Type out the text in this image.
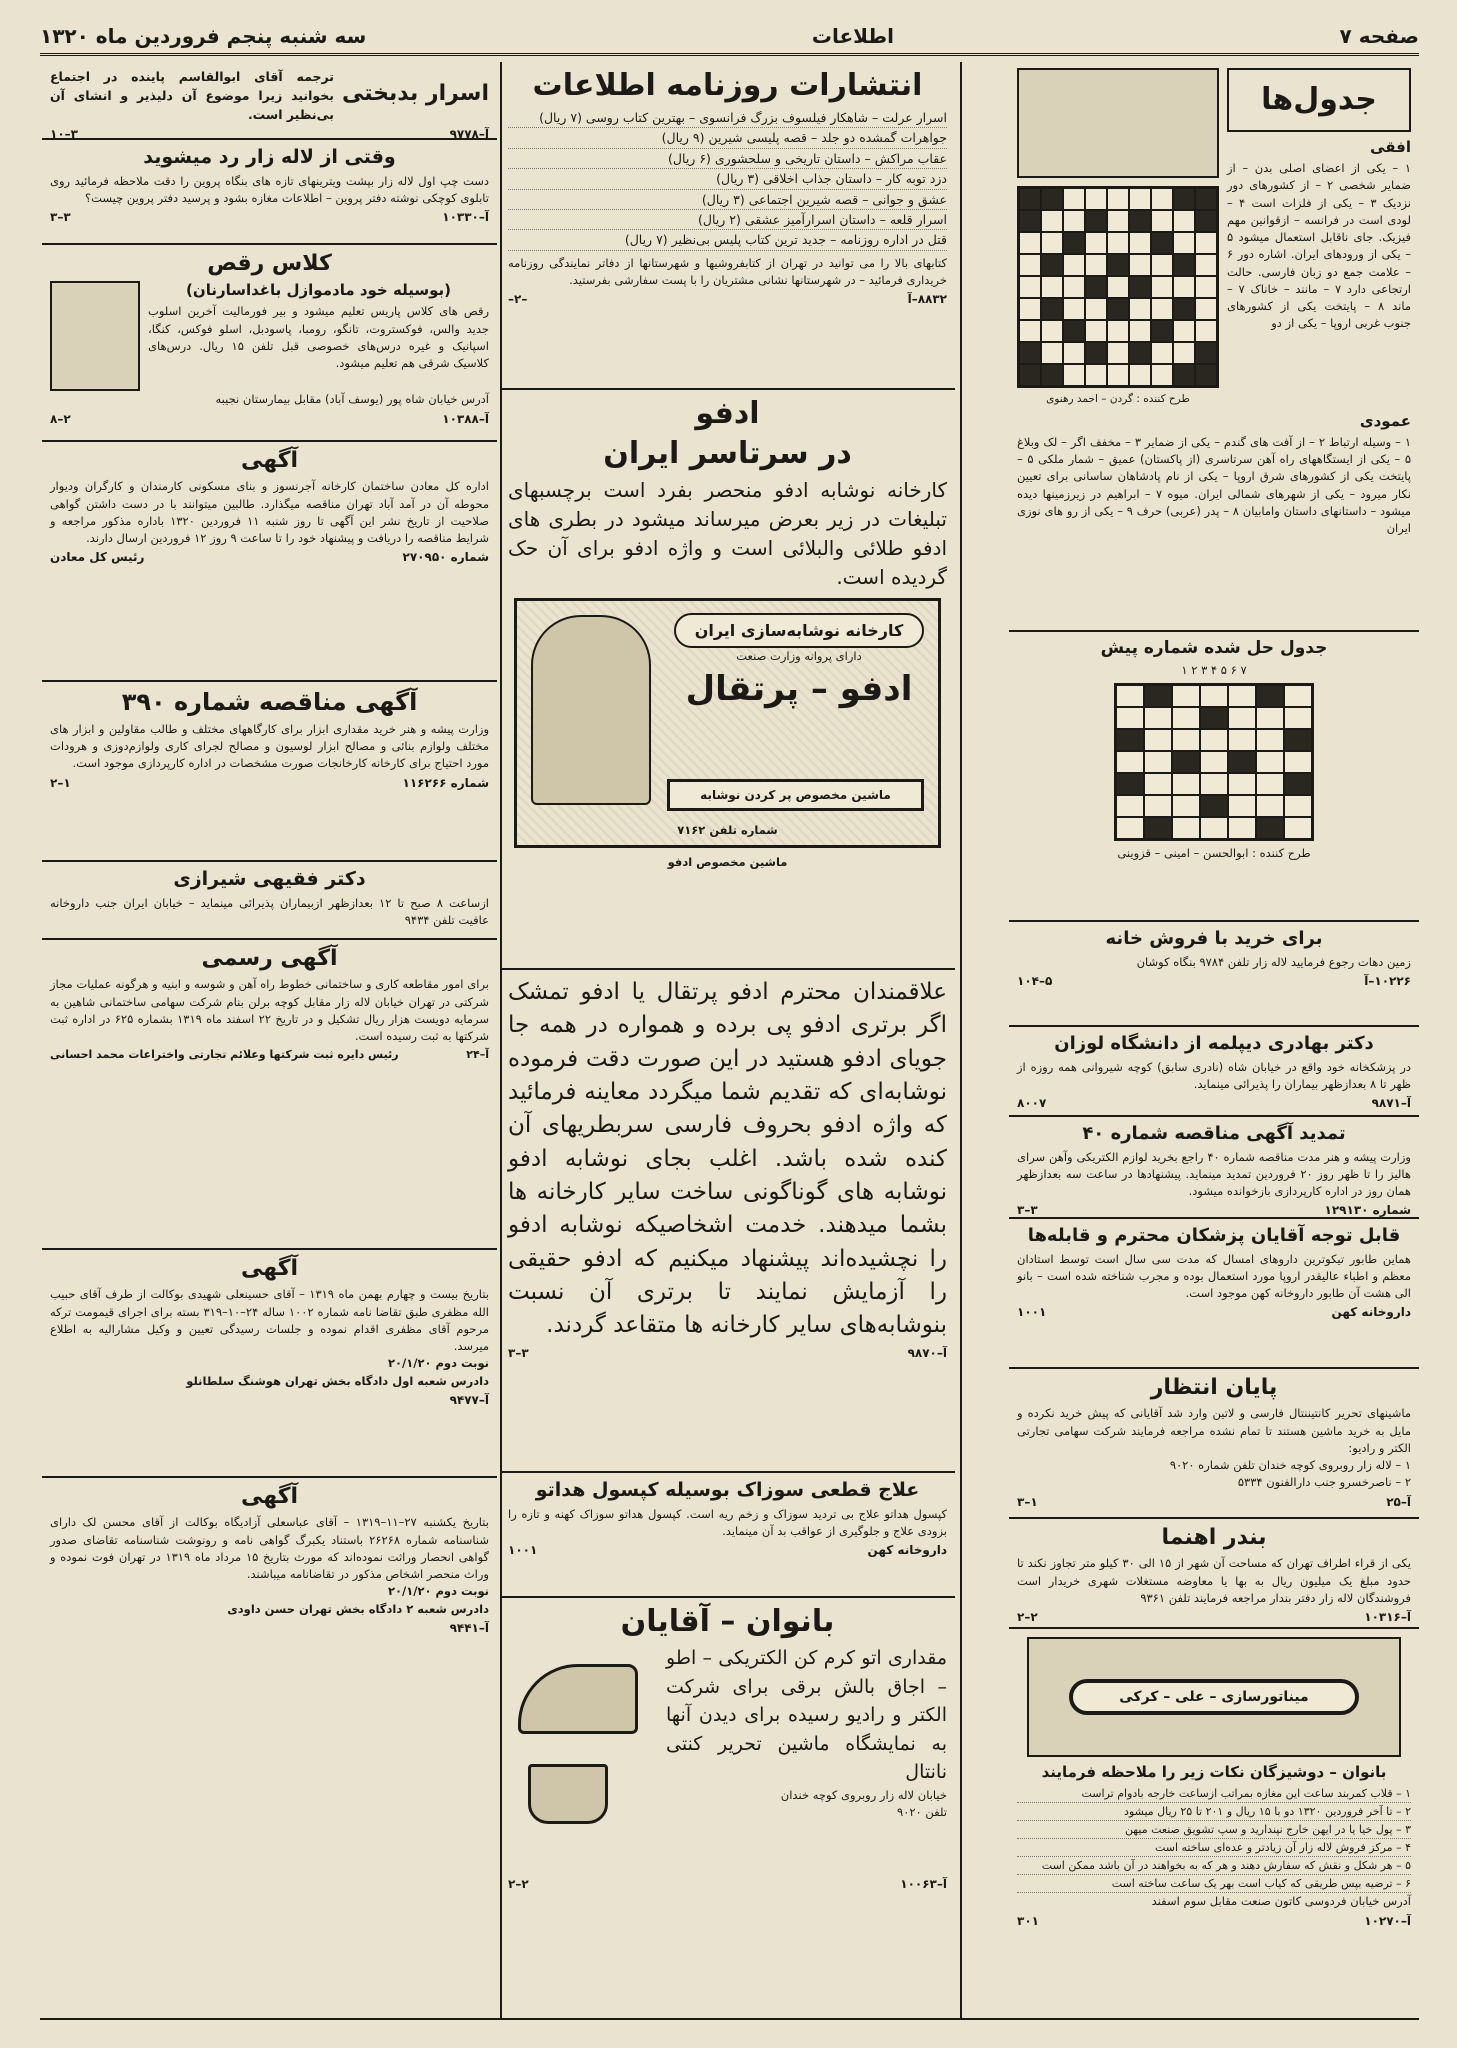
صفحه ۷
اطلاعات
سه شنبه پنجم فروردین ماه ۱۳۲۰
جدول‌ها
افقی
۱ – یکی از اعضای اصلی بدن – از ضمایر شخصی ۲ – از کشورهای دور نزدیک ۳ – یکی از فلزات است ۴ – لودی است در فرانسه – ازقوانین مهم فیزیک. جای ناقابل استعمال میشود ۵ – یکی از ورودهای ایران. اشاره دور ۶ – علامت جمع دو زبان فارسی. حالت ارتجاعی دارد ۷ – مانند – خاناک ۷ – ماند ۸ – پایتخت یکی از کشورهای جنوب غربی اروپا – یکی از دو
طرح کننده : گردن – احمد رهنوی
عمودی
۱ – وسیله ارتباط ۲ – از آفت های گندم – یکی از ضمایر ۳ – مخفف اگر – لک وبلاغ ۵ – یکی از ایستگاههای راه آهن سرتاسری (از پاکستان) عمیق – شمار ملکی ۵ – پایتخت یکی از کشورهای شرق اروپا – یکی از نام پادشاهان ساسانی برای تعیین نکار میرود – یکی از شهرهای شمالی ایران. میوه ۷ – ابراهیم در زیرزمینها دیده میشود – داستانهای داستان وامابیان ۸ – پدر (عربی) حرف ۹ – یکی از رو های نوزی ایران
جدول حل شده شماره پیش
۷ ۶ ۵ ۴ ۳ ۲ ۱
طرح کننده : ابوالحسن – امینی – قزوینی
برای خرید با فروش خانه
زمین دهات رجوع فرمایید لاله زار تلفن ۹۷۸۴ بنگاه کوشان
۱۰۲۲۶–آ
۱۰۴–۵
دکتر بهادری دیپلمه از دانشگاه لوزان
در پزشکخانه خود واقع در خیابان شاه (نادری سابق) کوچه شیروانی همه روزه از ظهر تا ۸ بعدازظهر بیماران را پذیرائی مینماید.
آ–۹۸۷۱
۸۰۰۷
تمدید آگهی مناقصه شماره ۴۰
وزارت پیشه و هنر مدت مناقصه شماره ۴۰ راجع بخرید لوازم الکتریکی وآهن سرای هالیز را تا ظهر روز ۲۰ فروردین تمدید مینماید. پیشنهادها در ساعت سه بعدازظهر همان روز در اداره کارپردازی بازخوانده میشود.
شماره ۱۲۹۱۳۰
۳–۳
قابل توجه آقایان پزشکان محترم و قابله‌ها
هماین طابور تیکوترین داروهای امسال که مدت سی سال است توسط استادان معظم و اطباء عالیقدر اروپا مورد استعمال بوده و مجرب شناخته شده است – بانو الی هشت آن طابور داروخانه کهن موجود است.
داروخانه کهن
۱۰۰۱
پایان انتظار
ماشینهای تحریر کانتیننتال فارسی و لاتین وارد شد آقایانی که پیش خرید نکرده و مایل به خرید ماشین هستند تا تمام نشده مراجعه فرمایند شرکت سهامی تجارتی الکتر و رادیو:
۱ – لاله زار روبروی کوچه خندان تلفن شماره ۹۰۲۰
۲ – ناصرخسرو جنب دارالفنون ۵۳۳۴
آ–۲۵
۳–۱
بندر اهنما
یکی از قراء اطراف تهران که مساحت آن شهر از ۱۵ الی ۳۰ کیلو متر تجاوز نکند تا حدود مبلغ یک میلیون ریال به بها یا معاوضه مستغلات شهری خریدار است فروشندگان لاله زار دفتر بندار مراجعه فرمایند تلفن ۹۳۶۱
آ–۱۰۳۱۶
۲–۲
میناتورسازی – علی – کرکی
بانوان – دوشیزگان نکات زیر را ملاحظه فرمایند
۱ – قلاب کمربند ساعت این مغازه بمراتب ازساعت خارجه بادوام تراست
۲ – تا آخر فروردین ۱۳۲۰ دو با ۱۵ ریال و ۲۰۱ تا ۲۵ ریال میشود
۳ – پول خیا یا در ایهن خارج نپندارید و سپ تشویق صنعت میهن
۴ – مرکز فروش لاله زار آن زیادتر و عده‌ای ساخته است
۵ – هر شکل و نقش که سفارش دهند و هر که به بخواهند در آن باشد ممکن است
۶ – ترضیه بپس طریقی که کیاب است بهر یک ساعت ساخته است
آدرس خیابان فردوسی کاتون صنعت مقابل سوم اسفند
آ–۱۰۲۷۰
۳۰۱
انتشارات روزنامه اطلاعات
اسرار عرلت – شاهکار فیلسوف بزرگ فرانسوی – بهترین کتاب روسی (۷ ریال)
جواهرات گمشده دو جلد – قصه پلیسی شیرین (۹ ریال)
عقاب مراکش – داستان تاریخی و سلحشوری (۶ ریال)
دزد توبه کار – داستان جذاب اخلاقی (۳ ریال)
عشق و جوانی – قصه شیرین اجتماعی (۳ ریال)
اسرار قلعه – داستان اسرارآمیز عشقی (۲ ریال)
قتل در اداره روزنامه – جدید ترین کتاب پلیس بی‌نظیر (۷ ریال)
کتابهای بالا را می توانید در تهران از کتابفروشیها و شهرستانها از دفاتر نمایندگی روزنامه خریداری فرمائید – در شهرستانها نشانی مشتریان را با پست سفارشی بفرستید.
۸۸۳۲–آ
–۲–
ادفو
در سرتاسر ایران
کارخانه نوشابه ادفو منحصر بفرد است برچسبهای تبلیغات در زیر بعرض میرساند میشود در بطری های ادفو طلائی والبلائی است و واژه ادفو برای آن حک گردیده است.
کارخانه نوشابه‌سازی ایران
دارای پروانه وزارت صنعت
ادفو – پرتقال
ماشین مخصوص پر کردن نوشابه
شماره تلفن ۷۱۶۲
ماشین مخصوص ادفو
علاقمندان محترم ادفو پرتقال یا ادفو تمشک اگر برتری ادفو پی برده و همواره در همه جا جویای ادفو هستید در این صورت دقت فرموده نوشابه‌ای که تقدیم شما میگردد معاینه فرمائید که واژه ادفو بحروف فارسی سربطریهای آن کنده شده باشد. اغلب بجای نوشابه ادفو نوشابه های گوناگونی ساخت سایر کارخانه ها بشما میدهند. خدمت اشخاصیکه نوشابه ادفو را نچشیده‌اند پیشنهاد میکنیم که ادفو حقیقی را آزمایش نمایند تا برتری آن نسبت بنوشابه‌های سایر کارخانه ها متقاعد گردند.
آ–۹۸۷۰
۳–۳
علاج قطعی سوزاک بوسیله کپسول هداتو
کپسول هداتو علاج بی تردید سوزاک و زخم ریه است. کپسول هداتو سوزاک کهنه و تازه را بزودی علاج و جلوگیری از عواقب بد آن مینماید.
داروخانه کهن
۱۰۰۱
بانوان – آقایان
مقداری اتو کرم کن الکتریکی – اطو – اجاق بالش برقی برای شرکت الکتر و رادیو رسیده برای دیدن آنها به نمایشگاه ماشین تحریر کنتی نانتال
خیابان لاله زار روبروی کوچه خندان
تلفن ۹۰۲۰
آ–۱۰۰۶۳
۲–۲
اسرار بدبختی
ترجمه آقای ابوالقاسم پاینده در اجتماع بخوانید زیرا موضوع آن دلیذیر و انشای آن بی‌نظیر است.
آ–۹۷۷۸
۱۰–۳
وقتی از لاله زار رد میشوید
دست چپ اول لاله زار بپشت ویترینهای تازه های بنگاه پروین را دقت ملاحظه فرمائید روی تابلوی کوچکی نوشته دفتر پروین – اطلاعات مغازه بشود و پرسید دفتر پروین چیست؟
آ–۱۰۳۳۰
۳–۳
کلاس رقص
(بوسیله خود مادموازل باغداسارنان)
رقص های کلاس پاریس تعلیم میشود و بیر فورمالیت آخرین اسلوب جدید والس، فوکستروت، تانگو، رومبا، پاسودبل، اسلو فوکس، کنگا، اسپانیک و غیره درس‌های خصوصی قبل تلفن ۱۵ ریال. درس‌های کلاسیک شرقی هم تعلیم میشود.
آدرس خیابان شاه پور (یوسف آباد) مقابل بیمارستان نجیبه
آ–۱۰۳۸۸
۸–۲
آگهی
اداره کل معادن ساختمان کارخانه آجرنسوز و بنای مسکونی کارمندان و کارگران ودیوار محوطه آن در آمد آباد تهران مناقصه میگذارد. طالبین میتوانند با در دست داشتن گواهی صلاحیت از تاریخ نشر این آگهی تا روز شنبه ۱۱ فروردین ۱۳۲۰ باداره مذکور مراجعه و شرایط مناقصه را دریافت و پیشنهاد خود را تا ساعت ۹ روز ۱۲ فروردین ارسال دارند.
شماره ۲۷۰۹۵۰
رئیس کل معادن
آگهی مناقصه شماره ۳۹۰
وزارت پیشه و هنر خرید مقداری ابزار برای کارگاههای مختلف و طالب مقاولین و ابزار های مختلف ولوازم بنائی و مصالح ابزار لوسیون و مصالح لجرای کاری ولوازم‌دوزی و هرودات مورد احتیاج برای کارخانه کارخانجات صورت مشخصات در اداره کارپردازی موجود است.
شماره ۱۱۶۲۶۶
۲–۱
دکتر فقیهی شیرازی
ازساعت ۸ صبح تا ۱۲ بعدازظهر ازبیماران پذیرائی مینماید – خیابان ایران جنب داروخانه عافیت تلفن ۹۴۳۴
آگهی رسمی
برای امور مقاطعه کاری و ساختمانی خطوط راه آهن و شوسه و ابنیه و هرگونه عملیات مجاز شرکتی در تهران خیابان لاله زار مقابل کوچه برلن بنام شرکت سهامی ساختمانی شاهین به سرمایه دویست هزار ریال تشکیل و در تاریخ ۲۲ اسفند ماه ۱۳۱۹ بشماره ۶۲۵ در اداره ثبت شرکتها به ثبت رسیده است.
آ–۲۴
رئیس دایره ثبت شرکتها وعلائم تجارتی واختراعات محمد احسانی
آگهی
بتاریخ بیست و چهارم بهمن ماه ۱۳۱۹ – آقای حسینعلی شهیدی بوکالت از طرف آقای حبیب الله مظفری طبق تقاضا نامه شماره ۱۰۰۲ ساله ۲۴–۱۰–۳۱۹ بسته برای اجرای قیمومت ترکه مرحوم آقای مظفری اقدام نموده و جلسات رسیدگی تعیین و وکیل مشارالیه به اطلاع میرسد.
نوبت دوم ۲۰/۱/۲۰
دادرس شعبه اول دادگاه بخش تهران هوشنگ سلطانلو
آ–۹۴۷۷
آگهی
بتاریخ یکشنبه ۲۷–۱۱–۱۳۱۹ – آقای عباسعلی آزادیگاه بوکالت از آقای محسن لک دارای شناسنامه شماره ۲۶۲۶۸ باستناد یکبرگ گواهی نامه و رونوشت شناسنامه تقاضای صدور گواهی انحصار وراثت نموده‌اند که مورث بتاریخ ۱۵ مرداد ماه ۱۳۱۹ در تهران فوت نموده و وراث منحصر اشخاص مذکور در تقاضانامه میباشند.
نوبت دوم ۲۰/۱/۲۰
دادرس شعبه ۲ دادگاه بخش تهران حسن داودی
آ–۹۴۴۱
